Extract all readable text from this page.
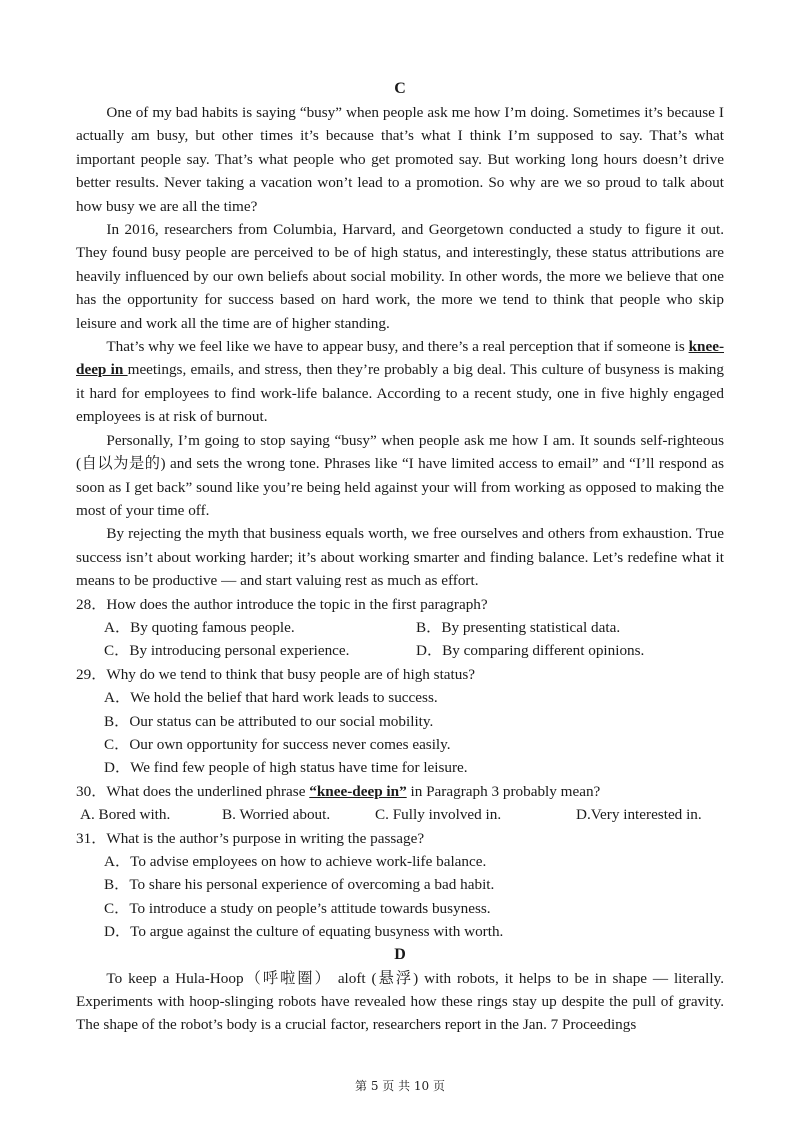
C

One of my bad habits is saying “busy” when people ask me how I’m doing. Sometimes it’s because I actually am busy, but other times it’s because that’s what I think I’m supposed to say. That’s what important people say. That’s what people who get promoted say. But working long hours doesn’t drive better results. Never taking a vacation won’t lead to a promotion. So why are we so proud to talk about how busy we are all the time?

In 2016, researchers from Columbia, Harvard, and Georgetown conducted a study to figure it out. They found busy people are perceived to be of high status, and interestingly, these status attributions are heavily influenced by our own beliefs about social mobility. In other words, the more we believe that one has the opportunity for success based on hard work, the more we tend to think that people who skip leisure and work all the time are of higher standing.

That’s why we feel like we have to appear busy, and there’s a real perception that if someone is knee-deep in meetings, emails, and stress, then they’re probably a big deal. This culture of busyness is making it hard for employees to find work-life balance. According to a recent study, one in five highly engaged employees is at risk of burnout.

Personally, I’m going to stop saying “busy” when people ask me how I am. It sounds self-righteous (自以为是的) and sets the wrong tone. Phrases like “I have limited access to email” and “I’ll respond as soon as I get back” sound like you’re being held against your will from working as opposed to making the most of your time off.

By rejecting the myth that business equals worth, we free ourselves and others from exhaustion. True success isn’t about working harder; it’s about working smarter and finding balance. Let’s redefine what it means to be productive — and start valuing rest as much as effort.

28．How does the author introduce the topic in the first paragraph?
A．By quoting famous people.	B．By presenting statistical data.
C．By introducing personal experience.	D．By comparing different opinions.
29．Why do we tend to think that busy people are of high status?
A．We hold the belief that hard work leads to success.
B．Our status can be attributed to our social mobility.
C．Our own opportunity for success never comes easily.
D．We find few people of high status have time for leisure.
30．What does the underlined phrase “knee-deep in” in Paragraph 3 probably mean?
A. Bored with.	B. Worried about.	C. Fully involved in.	D.Very interested in.
31．What is the author’s purpose in writing the passage?
A．To advise employees on how to achieve work-life balance.
B．To share his personal experience of overcoming a bad habit.
C．To introduce a study on people’s attitude towards busyness.
D．To argue against the culture of equating busyness with worth.
D

To keep a Hula-Hoop（呼啦圈） aloft (悬浮) with robots, it helps to be in shape — literally. Experiments with hoop-slinging robots have revealed how these rings stay up despite the pull of gravity. The shape of the robot’s body is a crucial factor, researchers report in the Jan. 7 Proceedings

第 5 页 共 10 页
